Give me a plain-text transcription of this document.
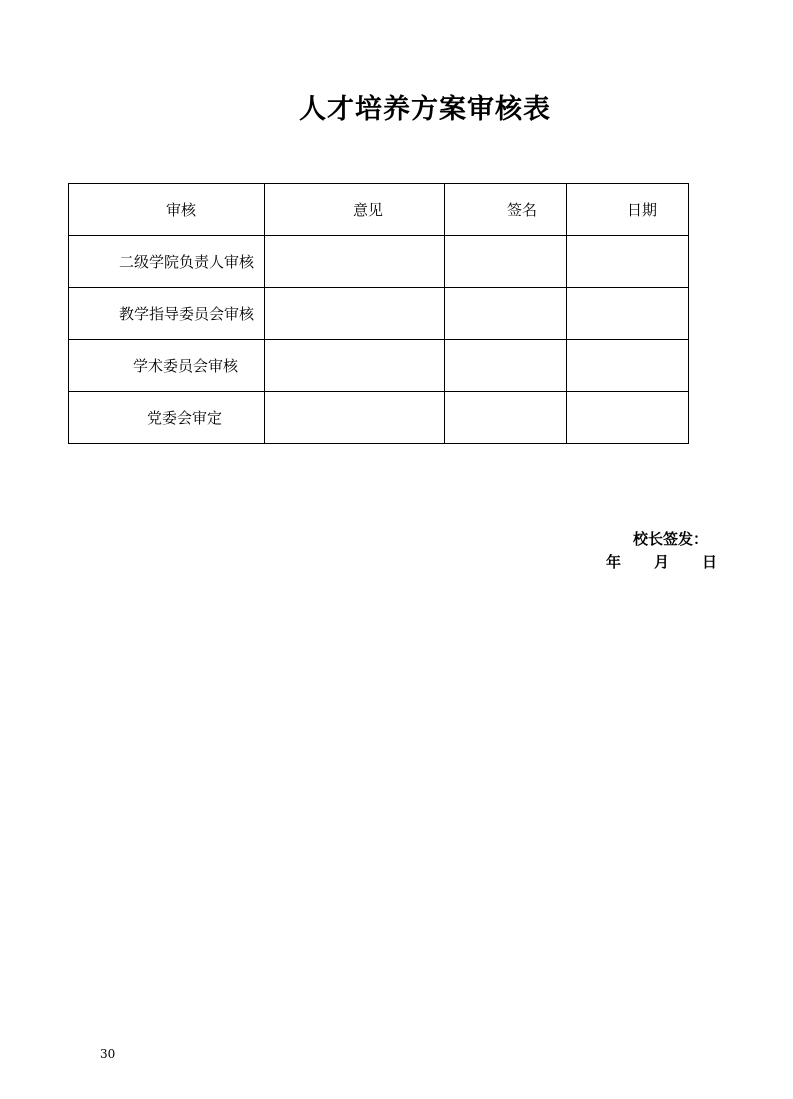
人才培养方案审核表
审核	意见	签名	日期
二级学院负责人审核			
教学指导委员会审核			
学术委员会审核			
党委会审定			
校长签发：
年 月 日
30
